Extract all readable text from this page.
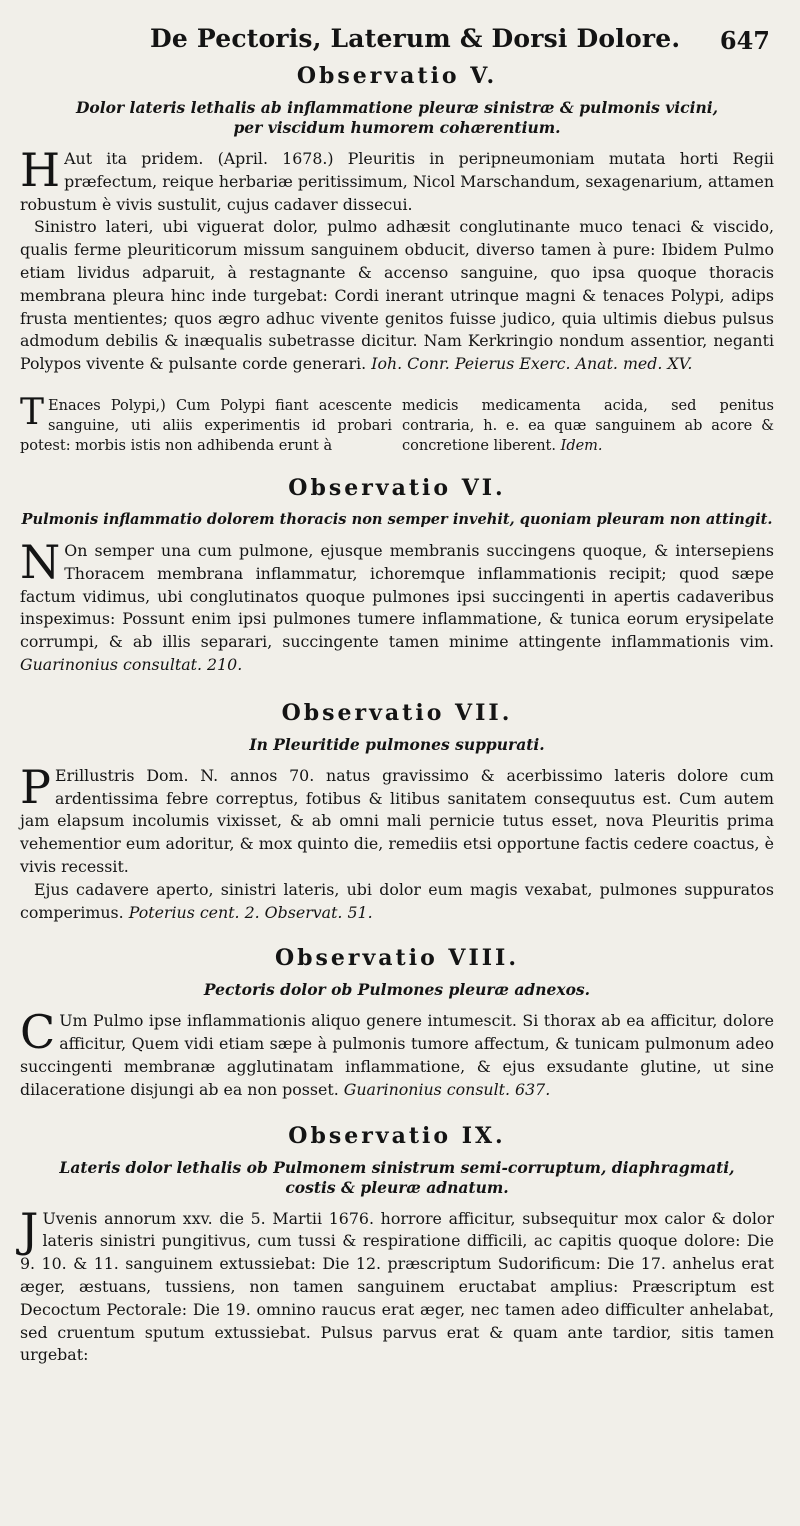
De Pectoris, Laterum & Dorsi Dolore. 647
Observatio V.

Dolor lateris lethalis ab inflammatione pleuræ sinistræ & pulmonis vicini,

per viscidum humorem cohærentium.

H Aut ita pridem. (April. 1678.) Pleuritis in peripneumoniam mutata horti Regii præfectum, reique herbariæ peritissimum, Nicol Marschandum, sexagenarium, attamen robustum è vivis sustulit, cujus cadaver dissecui.

Sinistro lateri, ubi viguerat dolor, pulmo adhæsit conglutinante muco tenaci & viscido, qualis ferme pleuriticorum missum sanguinem obducit, diverso tamen à pure: Ibidem Pulmo etiam lividus adparuit, à restagnante & accenso sanguine, quo ipsa quoque thoracis membrana pleura hinc inde turgebat: Cordi inerant utrinque magni & tenaces Polypi, adips frusta mentientes; quos ægro adhuc vivente genitos fuisse judico, quia ultimis diebus pulsus admodum debilis & inæqualis subetrasse dicitur. Nam Kerkringio nondum assentior, neganti Polypos vivente & pulsante corde generari. Ioh. Conr. Peierus Exerc. Anat. med. XV.

T Enaces Polypi,) Cum Polypi fiant acescente sanguine, uti aliis experimentis id probari potest: morbis istis non adhibenda erunt à
medicis medicamenta acida, sed penitus contraria, h. e. ea quæ sanguinem ab acore & concretione liberent. Idem.
Observatio VI.

Pulmonis inflammatio dolorem thoracis non semper invehit, quoniam pleuram non attingit.

N On semper una cum pulmone, ejusque membranis succingens quoque, & intersepiens Thoracem membrana inflammatur, ichoremque inflammationis recipit; quod sæpe factum vidimus, ubi conglutinatos quoque pulmones ipsi succingenti in apertis cadaveribus inspeximus: Possunt enim ipsi pulmones tumere inflammatione, & tunica eorum erysipelate corrumpi, & ab illis separari, succingente tamen minime attingente inflammationis vim. Guarinonius consultat. 210.

Observatio VII.

In Pleuritide pulmones suppurati.

P Erillustris Dom. N. annos 70. natus gravissimo & acerbissimo lateris dolore cum ardentissima febre correptus, fotibus & litibus sanitatem consequutus est. Cum autem jam elapsum incolumis vixisset, & ab omni mali pernicie tutus esset, nova Pleuritis prima vehementior eum adoritur, & mox quinto die, remediis etsi opportune factis cedere coactus, è vivis recessit.

Ejus cadavere aperto, sinistri lateris, ubi dolor eum magis vexabat, pulmones suppuratos comperimus. Poterius cent. 2. Observat. 51.

Observatio VIII.

Pectoris dolor ob Pulmones pleuræ adnexos.

C Um Pulmo ipse inflammationis aliquo genere intumescit. Si thorax ab ea afficitur, dolore afficitur, Quem vidi etiam sæpe à pulmonis tumore affectum, & tunicam pulmonum adeo succingenti membranæ agglutinatam inflammatione, & ejus exsudante glutine, ut sine dilaceratione disjungi ab ea non posset. Guarinonius consult. 637.

Observatio IX.

Lateris dolor lethalis ob Pulmonem sinistrum semi-corruptum, diaphragmati,

costis & pleuræ adnatum.

J Uvenis annorum xxv. die 5. Martii 1676. horrore afficitur, subsequitur mox calor & dolor lateris sinistri pungitivus, cum tussi & respiratione difficili, ac capitis quoque dolore: Die 9. 10. & 11. sanguinem extussiebat: Die 12. præscriptum Sudorificum: Die 17. anhelus erat æger, æstuans, tussiens, non tamen sanguinem eructabat amplius: Præscriptum est Decoctum Pectorale: Die 19. omnino raucus erat æger, nec tamen adeo difficulter anhelabat, sed cruentum sputum extussiebat. Pulsus parvus erat & quam ante tardior, sitis tamen urgebat:
